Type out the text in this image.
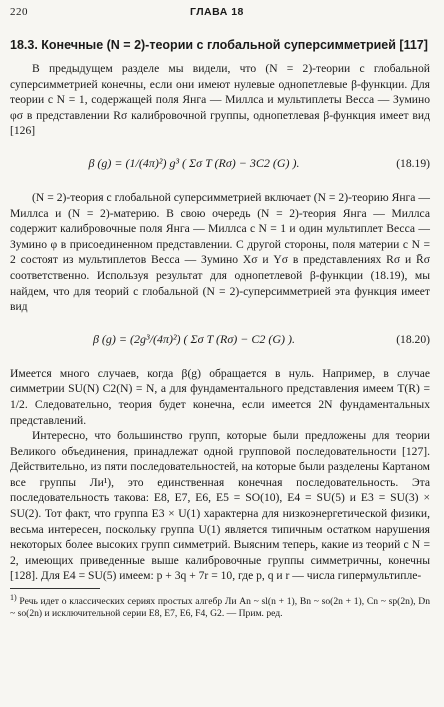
220	ГЛАВА 18
18.3. Конечные (N = 2)-теории с глобальной суперсимметрией [117]

В предыдущем разделе мы видели, что (N = 2)-теории с глобальной суперсимметрией конечны, если они имеют нулевые однопетлевые β-функции. Для теории с N = 1, содержащей поля Янга — Миллса и мультиплеты Весса — Зумино φσ в представлении Rσ калибровочной группы, однопетлевая β-функция имеет вид [126]

β (g) = (1/(4π)²) g³ ( Σσ T (Rσ) − 3C2 (G) ).	(18.19)

(N = 2)-теория с глобальной суперсимметрией включает (N = 2)-теорию Янга — Миллса и (N = 2)-материю. В свою очередь (N = 2)-теория Янга — Миллса содержит калибровочные поля Янга — Миллса с N = 1 и один мультиплет Весса — Зумино φ в присоединенном представлении. С другой стороны, поля материи с N = 2 состоят из мультиплетов Весса — Зумино Xσ и Yσ в представлениях Rσ и R̄σ соответственно. Используя результат для однопетлевой β-функции (18.19), мы найдем, что для теорий с глобальной (N = 2)-суперсимметрией эта функция имеет вид

β (g) = (2g³/(4π)²) ( Σσ T (Rσ) − C2 (G) ).	(18.20)

Имеется много случаев, когда β(g) обращается в нуль. Например, в случае симметрии SU(N) C2(N) = N, а для фундаментального представления имеем T(R) = 1/2. Следовательно, теория будет конечна, если имеется 2N фундаментальных представлений.

Интересно, что большинство групп, которые были предложены для теории Великого объединения, принадлежат одной групповой последовательности [127]. Действительно, из пяти последовательностей, на которые были разделены Картаном все группы Ли¹), это единственная конечная последовательность. Эта последовательность такова: E8, E7, E6, E5 = SO(10), E4 = SU(5) и E3 = SU(3) × SU(2). Тот факт, что группа E3 × U(1) характерна для низкоэнергетической физики, весьма интересен, поскольку группа U(1) является типичным остатком нарушения некоторых более высоких групп симметрий. Выясним теперь, какие из теорий с N = 2, имеющих приведенные выше калибровочные группы симметричны, конечны [128]. Для E4 = SU(5) имеем: p + 3q + 7r = 10, где p, q и r — числа гипермультипле-

$^{1)}$ Речь идет о классических сериях простых алгебр Ли An ~ sl(n + 1), Bn ~ so(2n + 1), Cn ~ sp(2n), Dn ~ so(2n) и исключительной серии E8, E7, E6, F4, G2. — Прим. ред.
